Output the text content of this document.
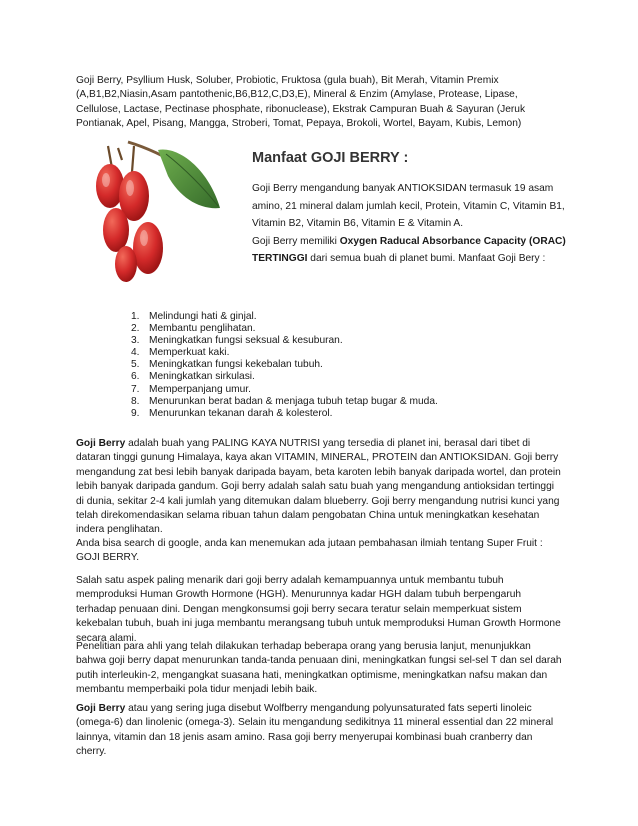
Goji Berry, Psyllium Husk, Soluber, Probiotic, Fruktosa (gula buah), Bit Merah, Vitamin Premix (A,B1,B2,Niasin,Asam pantothenic,B6,B12,C,D3,E), Mineral & Enzim (Amylase, Protease, Lipase, Cellulose, Lactase, Pectinase phosphate, ribonuclease), Ekstrak Campuran Buah & Sayuran (Jeruk Pontianak, Apel, Pisang, Mangga, Stroberi, Tomat, Pepaya, Brokoli, Wortel, Bayam, Kubis, Lemon)

Manfaat GOJI BERRY :

Goji Berry mengandung banyak ANTIOKSIDAN termasuk 19 asam amino, 21 mineral dalam jumlah kecil, Protein, Vitamin C, Vitamin B1, Vitamin B2, Vitamin B6, Vitamin E & Vitamin A.

Goji Berry memiliki Oxygen Raducal Absorbance Capacity (ORAC) TERTINGGI dari semua buah di planet bumi. Manfaat Goji Bery :

1. Melindungi hati & ginjal.
2. Membantu penglihatan.
3. Meningkatkan fungsi seksual & kesuburan.
4. Memperkuat kaki.
5. Meningkatkan fungsi kekebalan tubuh.
6. Meningkatkan sirkulasi.
7. Memperpanjang umur.
8. Menurunkan berat badan & menjaga tubuh tetap bugar & muda.
9. Menurunkan tekanan darah & kolesterol.

Goji Berry adalah buah yang PALING KAYA NUTRISI yang tersedia di planet ini, berasal dari tibet di dataran tinggi gunung Himalaya, kaya akan VITAMIN, MINERAL, PROTEIN dan ANTIOKSIDAN. Goji berry mengandung zat besi lebih banyak daripada bayam, beta karoten lebih banyak daripada wortel, dan protein lebih banyak daripada gandum. Goji berry adalah salah satu buah yang mengandung antioksidan tertinggi di dunia, sekitar 2-4 kali jumlah yang ditemukan dalam blueberry. Goji berry mengandung nutrisi kunci yang telah direkomendasikan selama ribuan tahun dalam pengobatan China untuk meningkatkan kesehatan indera penglihatan.

Anda bisa search di google, anda kan menemukan ada jutaan pembahasan ilmiah tentang Super Fruit : GOJI BERRY.

Salah satu aspek paling menarik dari goji berry adalah kemampuannya untuk membantu tubuh memproduksi Human Growth Hormone (HGH). Menurunnya kadar HGH dalam tubuh berpengaruh terhadap penuaan dini. Dengan mengkonsumsi goji berry secara teratur selain memperkuat sistem kekebalan tubuh, buah ini juga membantu merangsang tubuh untuk memproduksi Human Growth Hormone secara alami.

Penelitian para ahli yang telah dilakukan terhadap beberapa orang yang berusia lanjut, menunjukkan bahwa goji berry dapat menurunkan tanda-tanda penuaan dini, meningkatkan fungsi sel-sel T dan sel darah putih interleukin-2, mengangkat suasana hati, meningkatkan optimisme, meningkatkan nafsu makan dan membantu memperbaiki pola tidur menjadi lebih baik.

Goji Berry atau yang sering juga disebut Wolfberry mengandung polyunsaturated fats seperti linoleic (omega-6) dan linolenic (omega-3). Selain itu mengandung sedikitnya 11 mineral essential dan 22 mineral lainnya, vitamin dan 18 jenis asam amino. Rasa goji berry menyerupai kombinasi buah cranberry dan cherry.
